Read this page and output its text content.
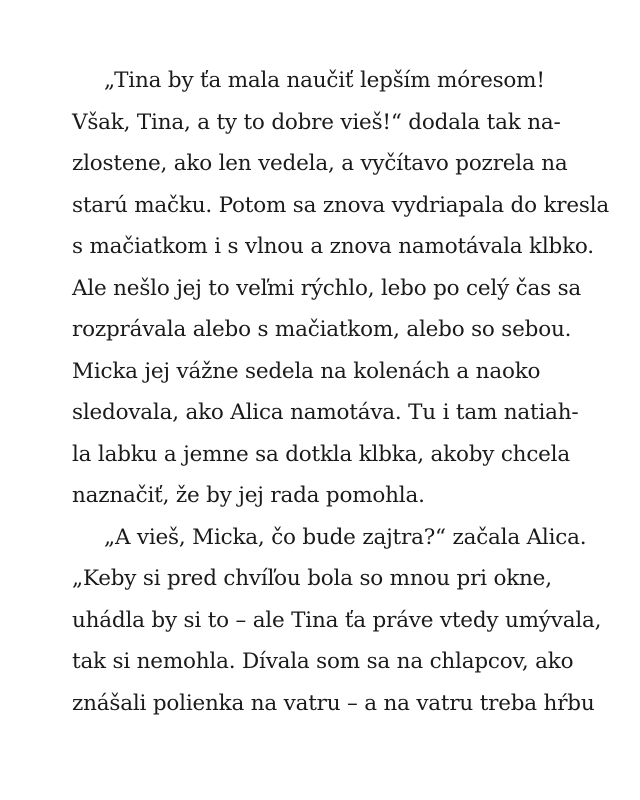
„Tina by ťa mala naučiť lepším móresom!
Však, Tina, a ty to dobre vieš!“ dodala tak na-
zlostene, ako len vedela, a vyčítavo pozrela na
starú mačku. Potom sa znova vydriapala do kresla
s mačiatkom i s vlnou a znova namotávala klbko.
Ale nešlo jej to veľmi rýchlo, lebo po celý čas sa
rozprávala alebo s mačiatkom, alebo so sebou.
Micka jej vážne sedela na kolenách a naoko
sledovala, ako Alica namotáva. Tu i tam natiah-
la labku a jemne sa dotkla klbka, akoby chcela
naznačiť, že by jej rada pomohla.
„A vieš, Micka, čo bude zajtra?“ začala Alica.
„Keby si pred chvíľou bola so mnou pri okne,
uhádla by si to – ale Tina ťa práve vtedy umývala,
tak si nemohla. Dívala som sa na chlapcov, ako
znášali polienka na vatru – a na vatru treba hŕbu
